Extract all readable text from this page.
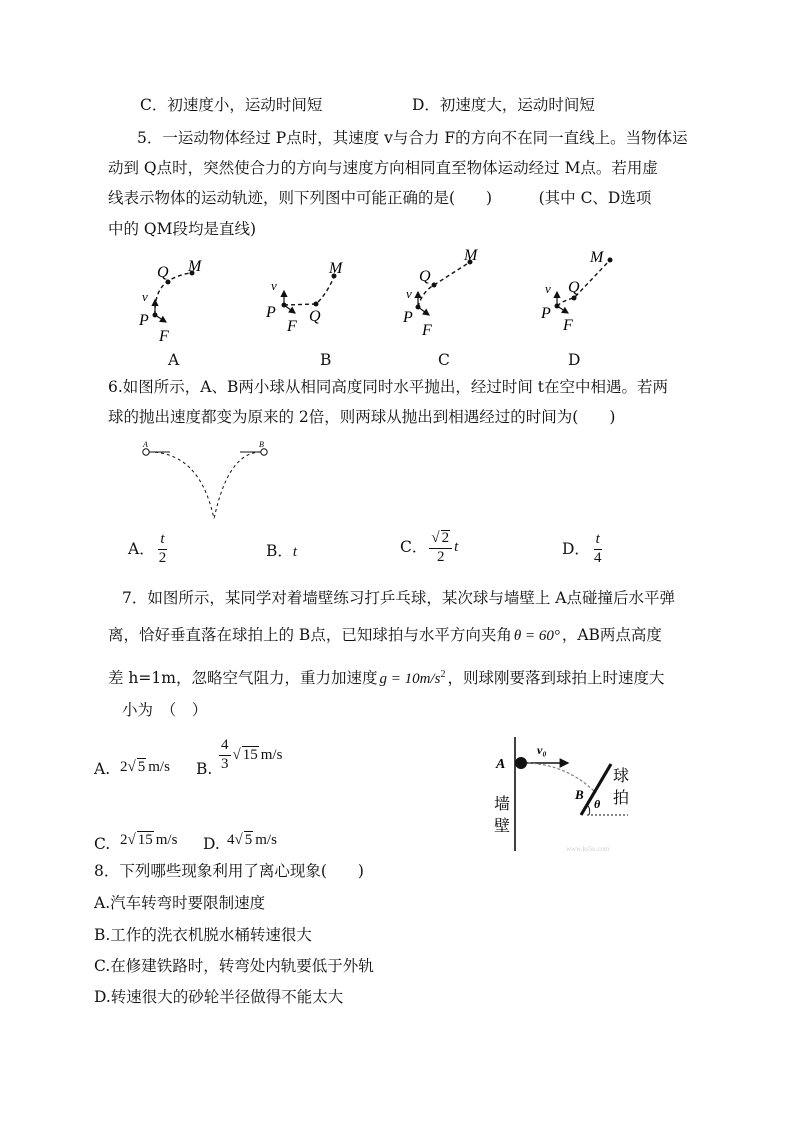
C．初速度小，运动时间短	D．初速度大，运动时间短
5．一运动物体经过 P点时，其速度 v与合力 F的方向不在同一直线上。当物体运
动到 Q点时，突然使合力的方向与速度方向相同直至物体运动经过 M点。若用虚
线表示物体的运动轨迹，则下列图中可能正确的是(　　)　　　(其中 C、D选项
中的 QM段均是直线)
v
P
Q M
F
A
v
P Q
M
F
B
v
P
Q
M
F
C
v
P
Q
M
F
D
6.如图所示，A、B两小球从相同高度同时水平抛出，经过时间 t在空中相遇。若两
球的抛出速度都变为原来的 2倍，则两球从抛出到相遇经过的时间为(　　)
A	B
A． $\frac{t}{2}$	B．t	C． $\frac{√ 2}{2}$ t	D． $\frac{t}{4}$
7．如图所示，某同学对着墙壁练习打乒乓球，某次球与墙壁上 A点碰撞后水平弹
离，恰好垂直落在球拍上的 B点，已知球拍与水平方向夹角 θ = 60° ，AB两点高度
差 h=1m，忽略空气阻力，重力加速度 $g = 10m/s^2$ ，则球刚要落到球拍上时速度大
小为　（　）
A. 2√ 5 m/s B. $\frac{4}{3}$ √ 15 m/s
C. 2√ 15 m/s D. 4√ 5 m/s
v₀
A
B
θ
墙
壁
球
拍
www.ks5u.com
8．下列哪些现象利用了离心现象(　　)
A.汽车转弯时要限制速度
B.工作的洗衣机脱水桶转速很大
C.在修建铁路时，转弯处内轨要低于外轨
D.转速很大的砂轮半径做得不能太大
